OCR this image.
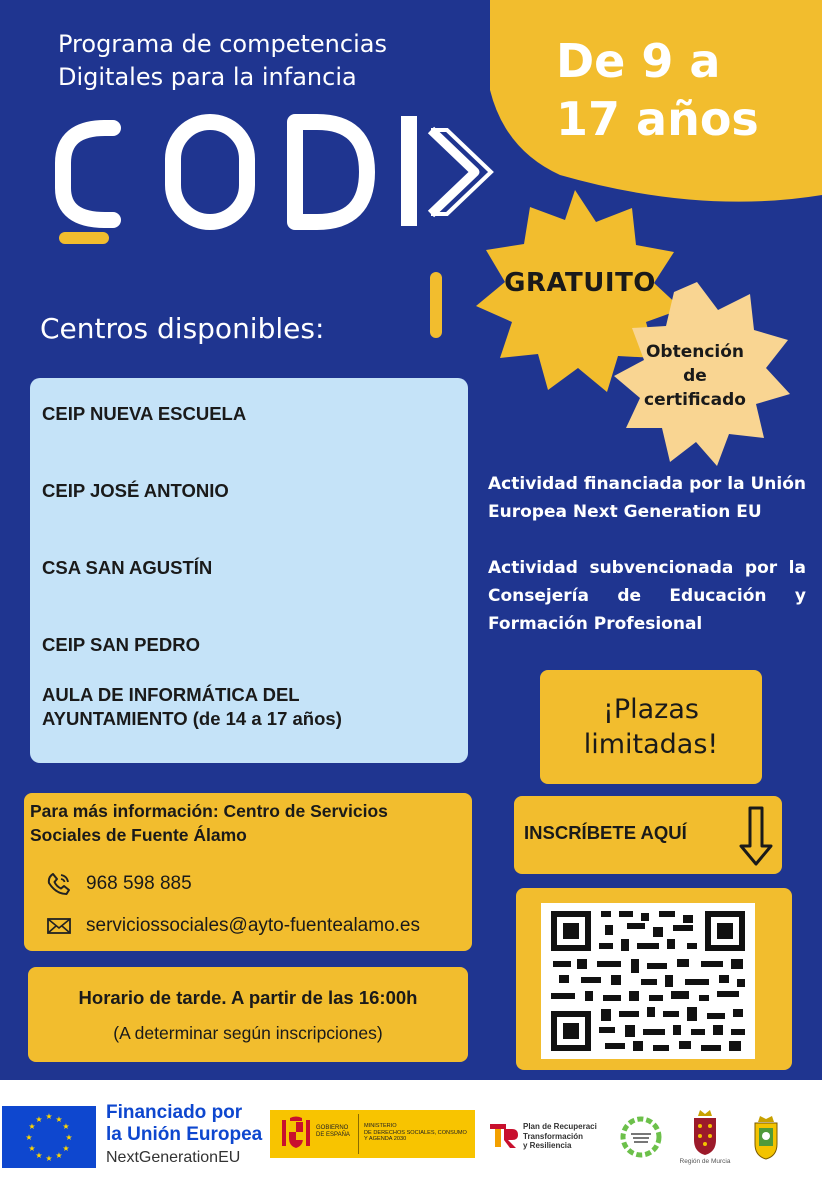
Programa de competencias
Digitales para la infancia	De 9 a
17 años
GRATUITO
Obtención
de
certificado
Centros disponibles:
CEIP NUEVA ESCUELA
CEIP JOSÉ ANTONIO
CSA SAN AGUSTÍN
CEIP SAN PEDRO
AULA DE INFORMÁTICA DEL
AYUNTAMIENTO (de 14 a 17 años)

Actividad financiada por la Unión Europea Next Generation EU

Actividad subvencionada por la Consejería de Educación y Formación Profesional

¡Plazas
limitadas!
Para más información: Centro de Servicios
Sociales de Fuente Álamo
968 598 885
serviciossociales@ayto-fuentealamo.es
Horario de tarde. A partir de las 16:00h
(A determinar según inscripciones)
INSCRÍBETE AQUÍ
★ ★
★
★
★
★
★
★
★
★
★
★	Financiado por
la Unión Europea
NextGenerationEU
GOBIERNO
DE ESPAÑA
MINISTERIO
DE DERECHOS SOCIALES, CONSUMO
Y AGENDA 2030
Plan de Recuperaci
Transformación
y Resiliencia
Región de Murcia
